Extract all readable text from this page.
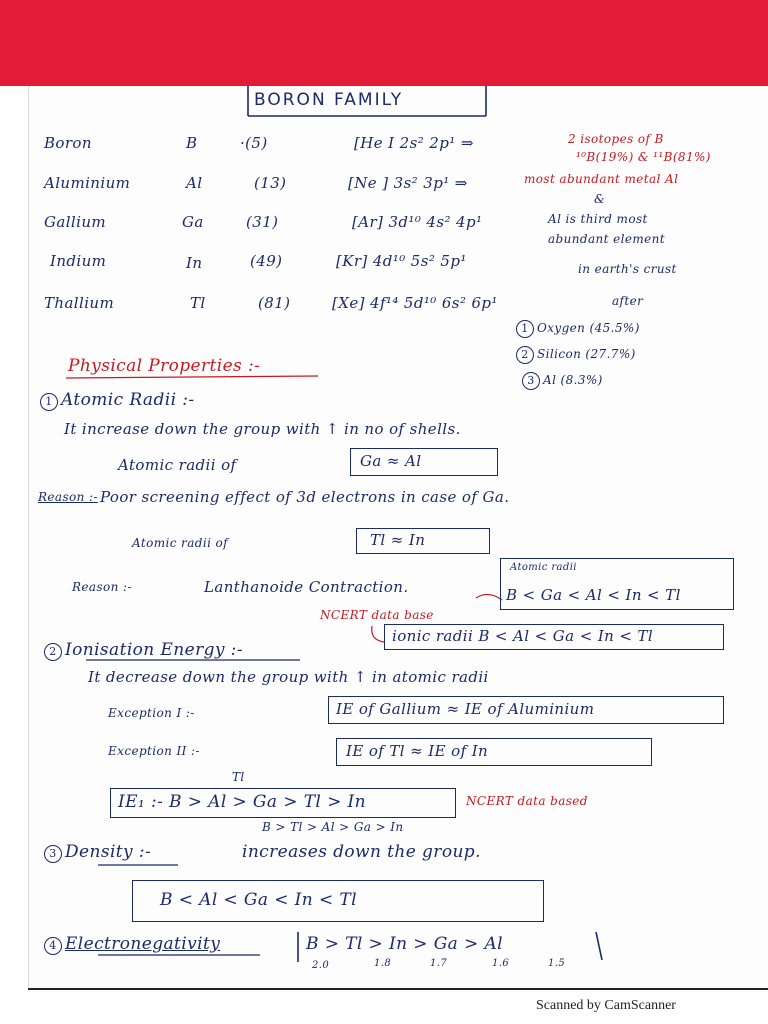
BORON FAMILY
Boron	B	·(5)	[He I 2s² 2p¹ ⇒
Aluminium	Al	(13)	[Ne ] 3s² 3p¹ ⇒
Gallium	Ga	(31)	[Ar] 3d¹⁰ 4s² 4p¹
Indium	In	(49)	[Kr] 4d¹⁰ 5s² 5p¹
Thallium	Tl	(81)	[Xe] 4f¹⁴ 5d¹⁰ 6s² 6p¹
2 isotopes of B
¹⁰B(19%) & ¹¹B(81%)
most abundant metal Al
&
Al is third most
abundant element
in earth's crust
after
1 Oxygen (45.5%)
2 Silicon (27.7%)
3 Al (8.3%)
Physical Properties :-
1 Atomic Radii :-
It increase down the group with ↑ in no of shells.
Atomic radii of	Ga ≈ Al
Reason :- Poor screening effect of 3d electrons in case of Ga.
Atomic radii of	Tl ≈ In
Reason :-	Lanthanoide Contraction.
Atomic radii
B < Ga < Al < In < Tl
NCERT data base
ionic radii B < Al < Ga < In < Tl
2 Ionisation Energy :-
It decrease down the group with ↑ in atomic radii
Exception I :-	IE of Gallium ≈ IE of Aluminium
Exception II :-	IE of Tl ≈ IE of In
Tl
IE₁ :- B > Al > Ga > Tl > In	NCERT data based
B > Tl > Al > Ga > In
3 Density :-	increases down the group.
B < Al < Ga < In < Tl
4 Electronegativity	B > Tl > In > Ga > Al
2.0	1.8	1.7	1.6	1.5
Scanned by CamScanner
